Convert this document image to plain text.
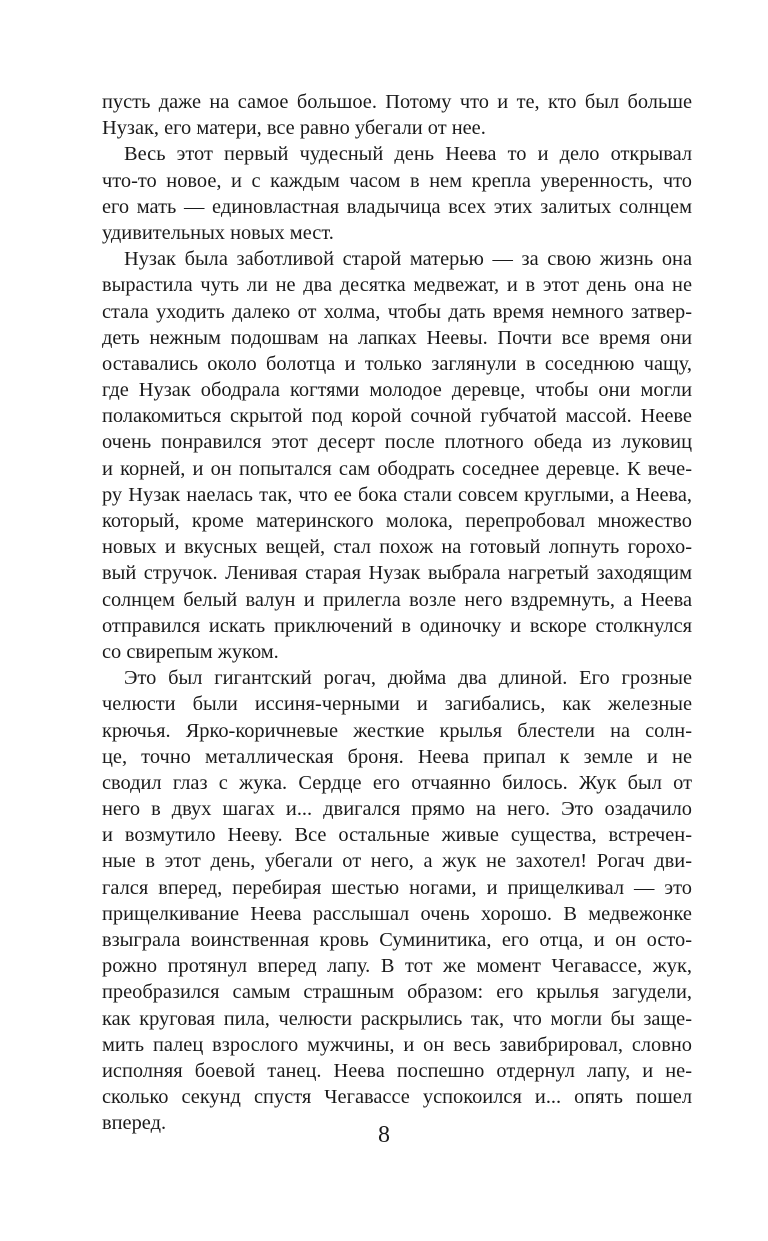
пусть даже на самое большое. Потому что и те, кто был больше
Нузак, его матери, все равно убегали от нее.
Весь этот первый чудесный день Неева то и дело открывал
что-то новое, и с каждым часом в нем крепла уверенность, что
его мать — единовластная владычица всех этих залитых солнцем
удивительных новых мест.
Нузак была заботливой старой матерью — за свою жизнь она
вырастила чуть ли не два десятка медвежат, и в этот день она не
стала уходить далеко от холма, чтобы дать время немного затвер-
деть нежным подошвам на лапках Неевы. Почти все время они
оставались около болотца и только заглянули в соседнюю чащу,
где Нузак ободрала когтями молодое деревце, чтобы они могли
полакомиться скрытой под корой сочной губчатой массой. Нееве
очень понравился этот десерт после плотного обеда из луковиц
и корней, и он попытался сам ободрать соседнее деревце. К вече-
ру Нузак наелась так, что ее бока стали совсем круглыми, а Неева,
который, кроме материнского молока, перепробовал множество
новых и вкусных вещей, стал похож на готовый лопнуть горохо-
вый стручок. Ленивая старая Нузак выбрала нагретый заходящим
солнцем белый валун и прилегла возле него вздремнуть, а Неева
отправился искать приключений в одиночку и вскоре столкнулся
со свирепым жуком.
Это был гигантский рогач, дюйма два длиной. Его грозные
челюсти были иссиня-черными и загибались, как железные
крючья. Ярко-коричневые жесткие крылья блестели на солн-
це, точно металлическая броня. Неева припал к земле и не
сводил глаз с жука. Сердце его отчаянно билось. Жук был от
него в двух шагах и... двигался прямо на него. Это озадачило
и возмутило Нееву. Все остальные живые существа, встречен-
ные в этот день, убегали от него, а жук не захотел! Рогач дви-
гался вперед, перебирая шестью ногами, и прищелкивал — это
прищелкивание Неева расслышал очень хорошо. В медвежонке
взыграла воинственная кровь Суминитика, его отца, и он осто-
рожно протянул вперед лапу. В тот же момент Чегавассе, жук,
преобразился самым страшным образом: его крылья загудели,
как круговая пила, челюсти раскрылись так, что могли бы заще-
мить палец взрослого мужчины, и он весь завибрировал, словно
исполняя боевой танец. Неева поспешно отдернул лапу, и не-
сколько секунд спустя Чегавассе успокоился и... опять пошел
вперед.	8
